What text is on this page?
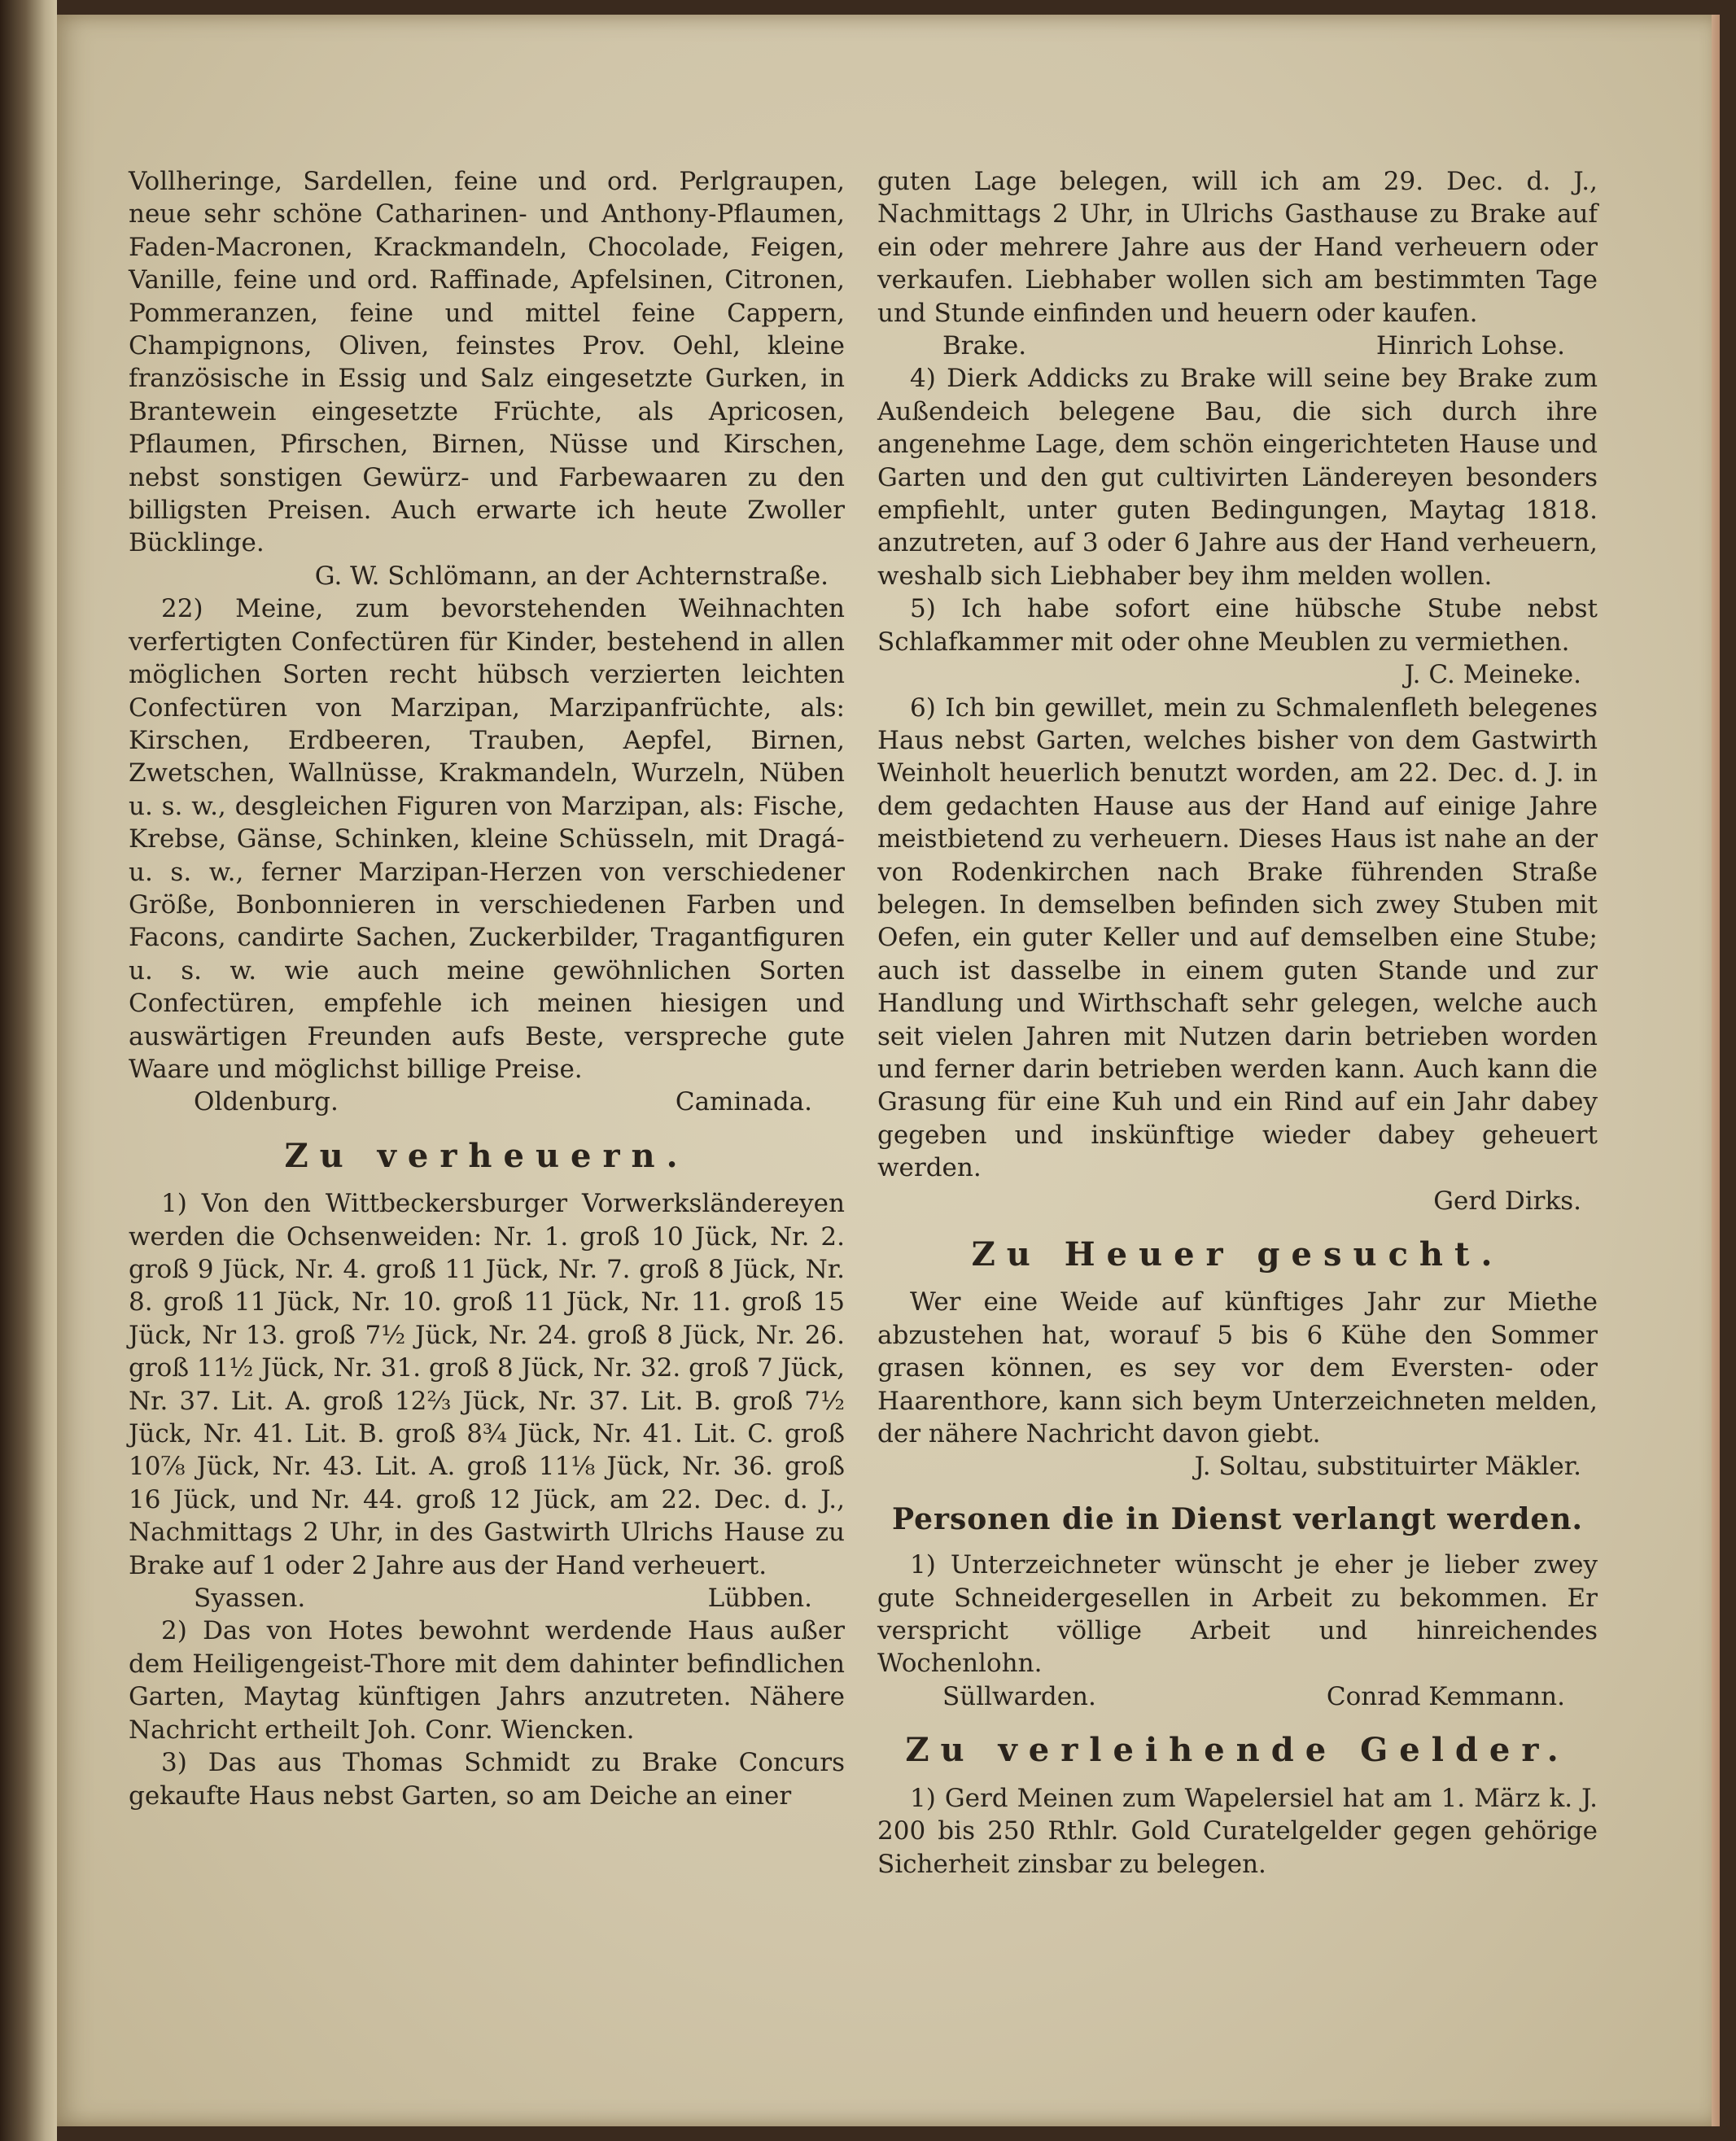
Vollheringe, Sardellen, feine und ord. Perlgraupen, neue sehr schöne Catharinen- und Anthony-Pflaumen, Faden-Macronen, Krackmandeln, Chocolade, Feigen, Vanille, feine und ord. Raffinade, Apfelsinen, Citronen, Pommeranzen, feine und mittel feine Cappern, Champignons, Oliven, feinstes Prov. Oehl, kleine französische in Essig und Salz eingesetzte Gurken, in Brantewein eingesetzte Früchte, als Apricosen, Pflaumen, Pfirschen, Birnen, Nüsse und Kirschen, nebst sonstigen Gewürz- und Farbewaaren zu den billigsten Preisen. Auch erwarte ich heute Zwoller Bücklinge.

G. W. Schlömann, an der Achternstraße.

22) Meine, zum bevorstehenden Weihnachten verfertigten Confectüren für Kinder, bestehend in allen möglichen Sorten recht hübsch verzierten leichten Confectüren von Marzipan, Marzipanfrüchte, als: Kirschen, Erdbeeren, Trauben, Aepfel, Birnen, Zwetschen, Wallnüsse, Krakmandeln, Wurzeln, Nüben u. s. w., desgleichen Figuren von Marzipan, als: Fische, Krebse, Gänse, Schinken, kleine Schüsseln, mit Dragá- u. s. w., ferner Marzipan-Herzen von verschiedener Größe, Bonbonnieren in verschiedenen Farben und Facons, candirte Sachen, Zuckerbilder, Tragantfiguren u. s. w. wie auch meine gewöhnlichen Sorten Confectüren, empfehle ich meinen hiesigen und auswärtigen Freunden aufs Beste, verspreche gute Waare und möglichst billige Preise.

Oldenburg.	Caminada.
Zu verheuern.

1) Von den Wittbeckersburger Vorwerksländereyen werden die Ochsenweiden: Nr. 1. groß 10 Jück, Nr. 2. groß 9 Jück, Nr. 4. groß 11 Jück, Nr. 7. groß 8 Jück, Nr. 8. groß 11 Jück, Nr. 10. groß 11 Jück, Nr. 11. groß 15 Jück, Nr 13. groß 7½ Jück, Nr. 24. groß 8 Jück, Nr. 26. groß 11½ Jück, Nr. 31. groß 8 Jück, Nr. 32. groß 7 Jück, Nr. 37. Lit. A. groß 12⅔ Jück, Nr. 37. Lit. B. groß 7½ Jück, Nr. 41. Lit. B. groß 8¾ Jück, Nr. 41. Lit. C. groß 10⅞ Jück, Nr. 43. Lit. A. groß 11⅛ Jück, Nr. 36. groß 16 Jück, und Nr. 44. groß 12 Jück, am 22. Dec. d. J., Nachmittags 2 Uhr, in des Gastwirth Ulrichs Hause zu Brake auf 1 oder 2 Jahre aus der Hand verheuert.

Syassen.	Lübben.

2) Das von Hotes bewohnt werdende Haus außer dem Heiligengeist-Thore mit dem dahinter befindlichen Garten, Maytag künftigen Jahrs anzutreten. Nähere Nachricht ertheilt Joh. Conr. Wiencken.

3) Das aus Thomas Schmidt zu Brake Concurs gekaufte Haus nebst Garten, so am Deiche an einer

guten Lage belegen, will ich am 29. Dec. d. J., Nachmittags 2 Uhr, in Ulrichs Gasthause zu Brake auf ein oder mehrere Jahre aus der Hand verheuern oder verkaufen. Liebhaber wollen sich am bestimmten Tage und Stunde einfinden und heuern oder kaufen.

Brake.	Hinrich Lohse.

4) Dierk Addicks zu Brake will seine bey Brake zum Außendeich belegene Bau, die sich durch ihre angenehme Lage, dem schön eingerichteten Hause und Garten und den gut cultivirten Ländereyen besonders empfiehlt, unter guten Bedingungen, Maytag 1818. anzutreten, auf 3 oder 6 Jahre aus der Hand verheuern, weshalb sich Liebhaber bey ihm melden wollen.

5) Ich habe sofort eine hübsche Stube nebst Schlafkammer mit oder ohne Meublen zu vermiethen.

J. C. Meineke.

6) Ich bin gewillet, mein zu Schmalenfleth belegenes Haus nebst Garten, welches bisher von dem Gastwirth Weinholt heuerlich benutzt worden, am 22. Dec. d. J. in dem gedachten Hause aus der Hand auf einige Jahre meistbietend zu verheuern. Dieses Haus ist nahe an der von Rodenkirchen nach Brake führenden Straße belegen. In demselben befinden sich zwey Stuben mit Oefen, ein guter Keller und auf demselben eine Stube; auch ist dasselbe in einem guten Stande und zur Handlung und Wirthschaft sehr gelegen, welche auch seit vielen Jahren mit Nutzen darin betrieben worden und ferner darin betrieben werden kann. Auch kann die Grasung für eine Kuh und ein Rind auf ein Jahr dabey gegeben und inskünftige wieder dabey geheuert werden.

Gerd Dirks.

Zu Heuer gesucht.

Wer eine Weide auf künftiges Jahr zur Miethe abzustehen hat, worauf 5 bis 6 Kühe den Sommer grasen können, es sey vor dem Eversten- oder Haarenthore, kann sich beym Unterzeichneten melden, der nähere Nachricht davon giebt.

J. Soltau, substituirter Mäkler.

Personen die in Dienst verlangt werden.

1) Unterzeichneter wünscht je eher je lieber zwey gute Schneidergesellen in Arbeit zu bekommen. Er verspricht völlige Arbeit und hinreichendes Wochenlohn.

Süllwarden.	Conrad Kemmann.
Zu verleihende Gelder.

1) Gerd Meinen zum Wapelersiel hat am 1. März k. J. 200 bis 250 Rthlr. Gold Curatelgelder gegen gehörige Sicherheit zinsbar zu belegen.
